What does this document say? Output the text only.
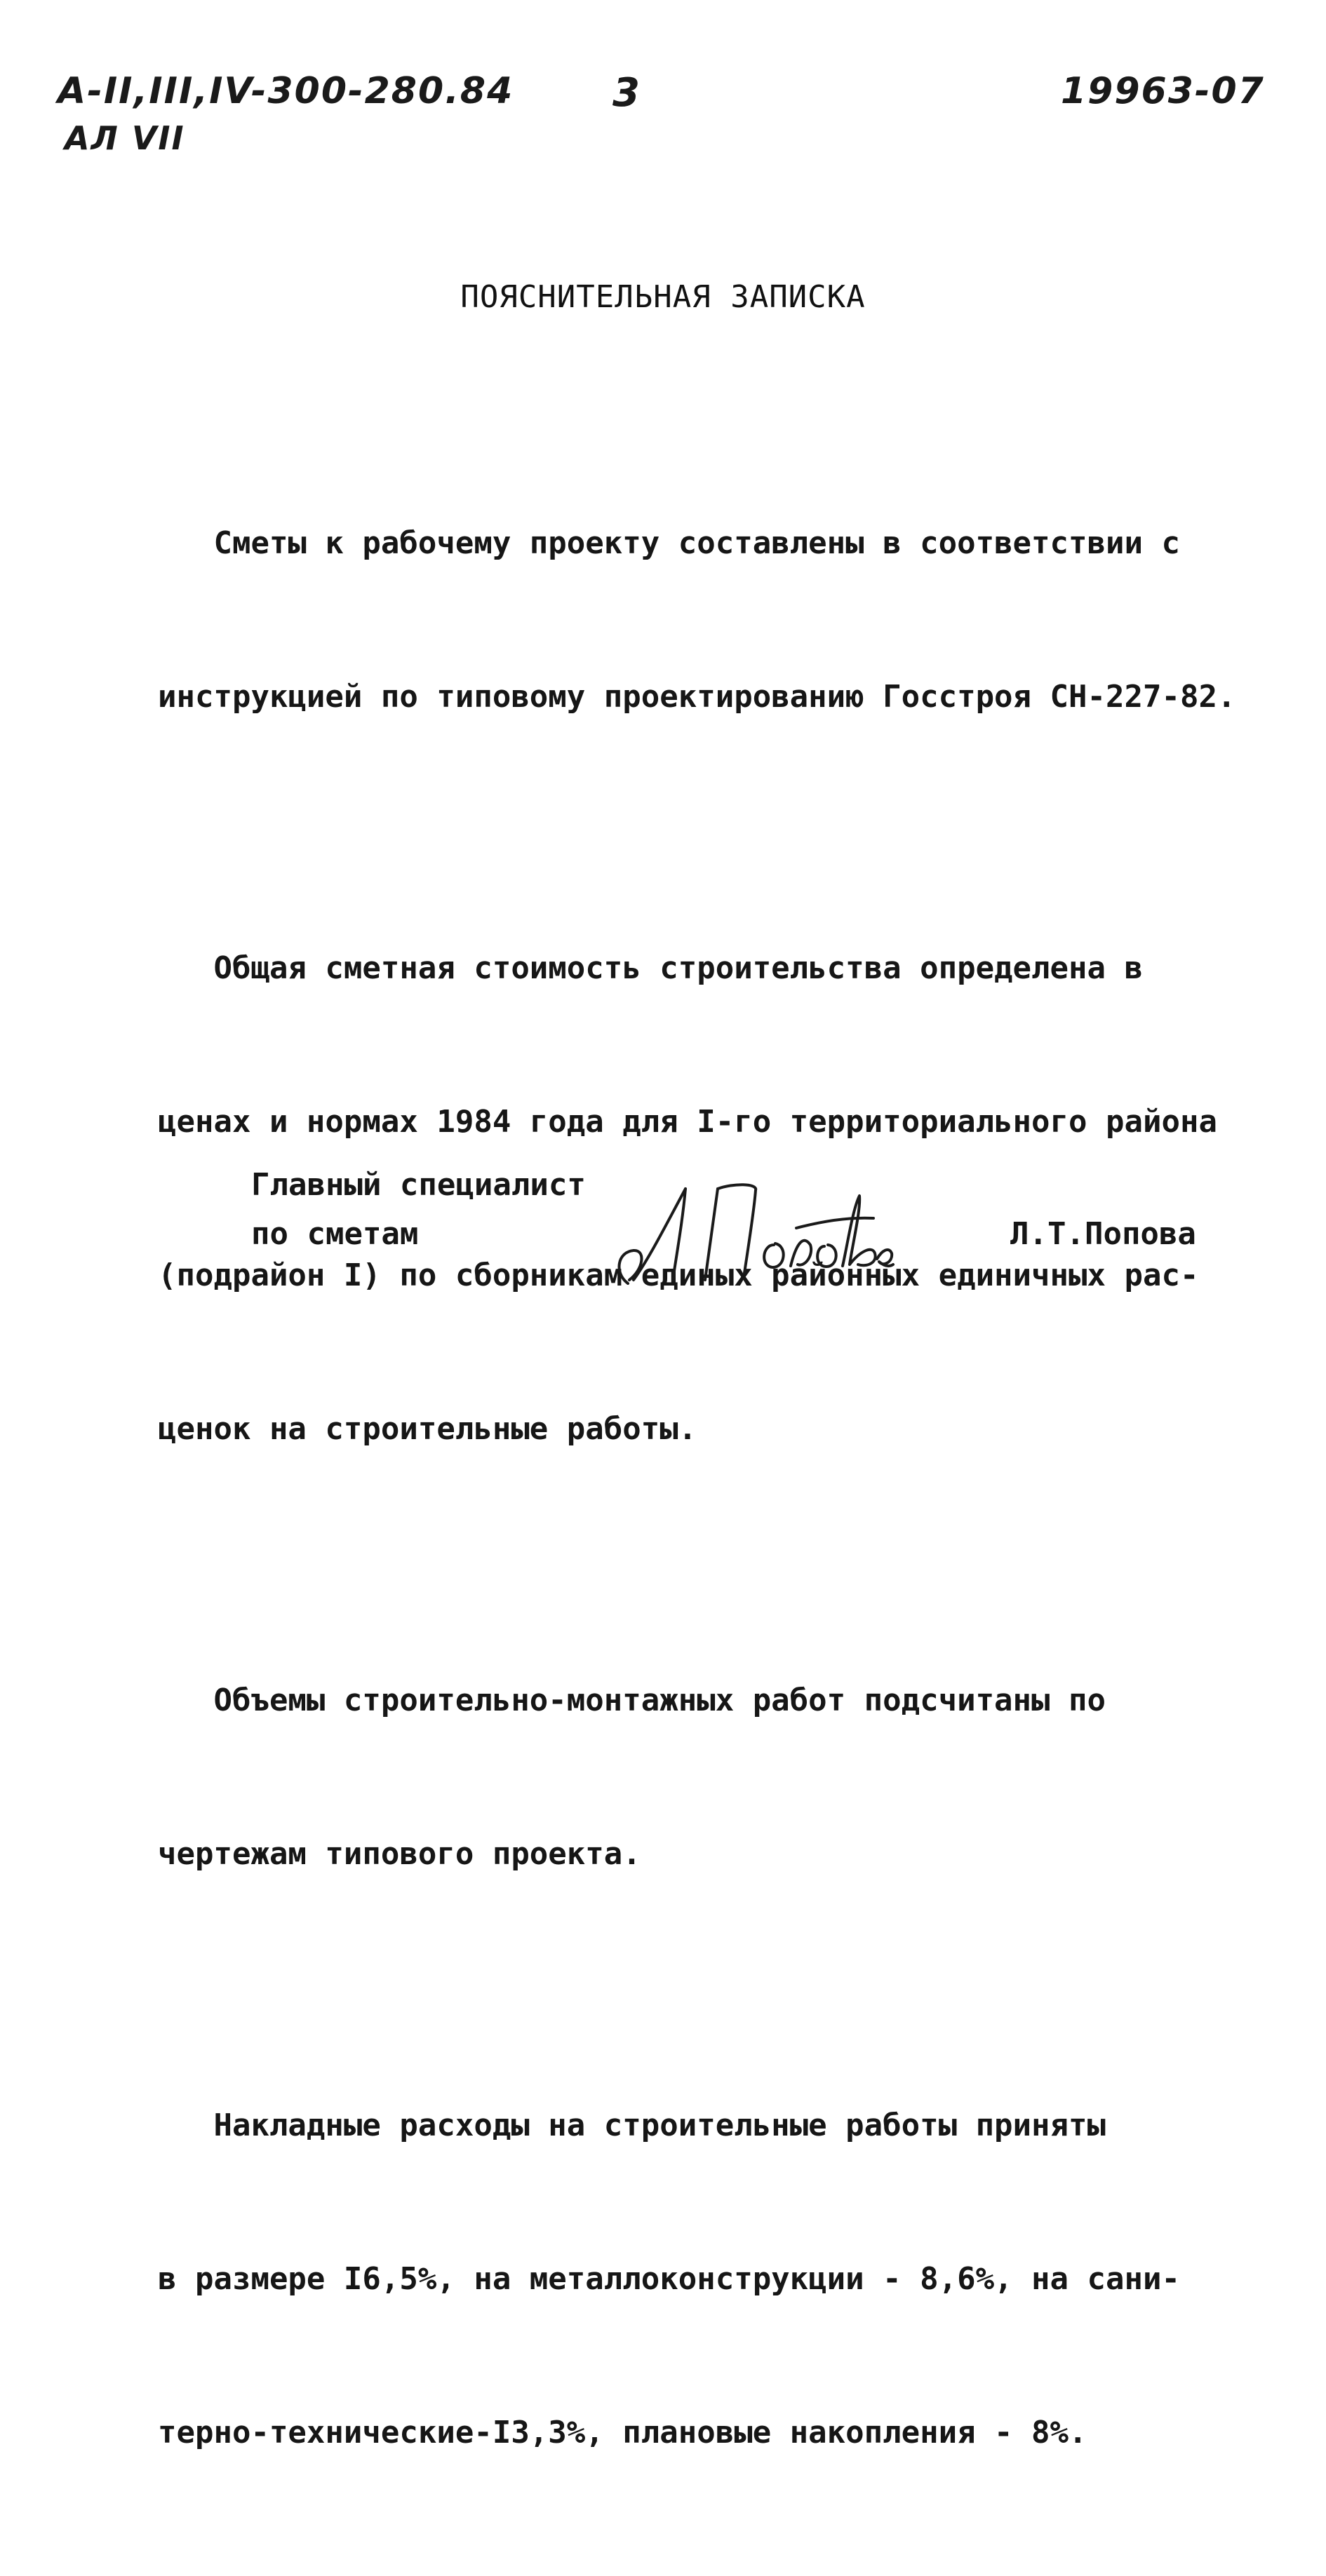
А-II,III,IV-300-280.84
АЛ VII
3	19963-07
ПОЯСНИТЕЛЬНАЯ ЗАПИСКА

Сметы к рабочему проекту составлены в соответствии с

инструкцией по типовому проектированию Госстроя СН-227-82.

Общая сметная стоимость строительства определена в

ценах и нормах 1984 года для I-го территориального района

(подрайон I) по сборникам единых районных единичных рас-

ценок на строительные работы.

Объемы строительно-монтажных работ подсчитаны по

чертежам типового проекта.

Накладные расходы на строительные работы приняты

в размере I6,5%, на металлоконструкции - 8,6%, на сани-

терно-технические-I3,3%, плановые накопления - 8%.

Главный специалист
по сметам	Л.Т.Попова
